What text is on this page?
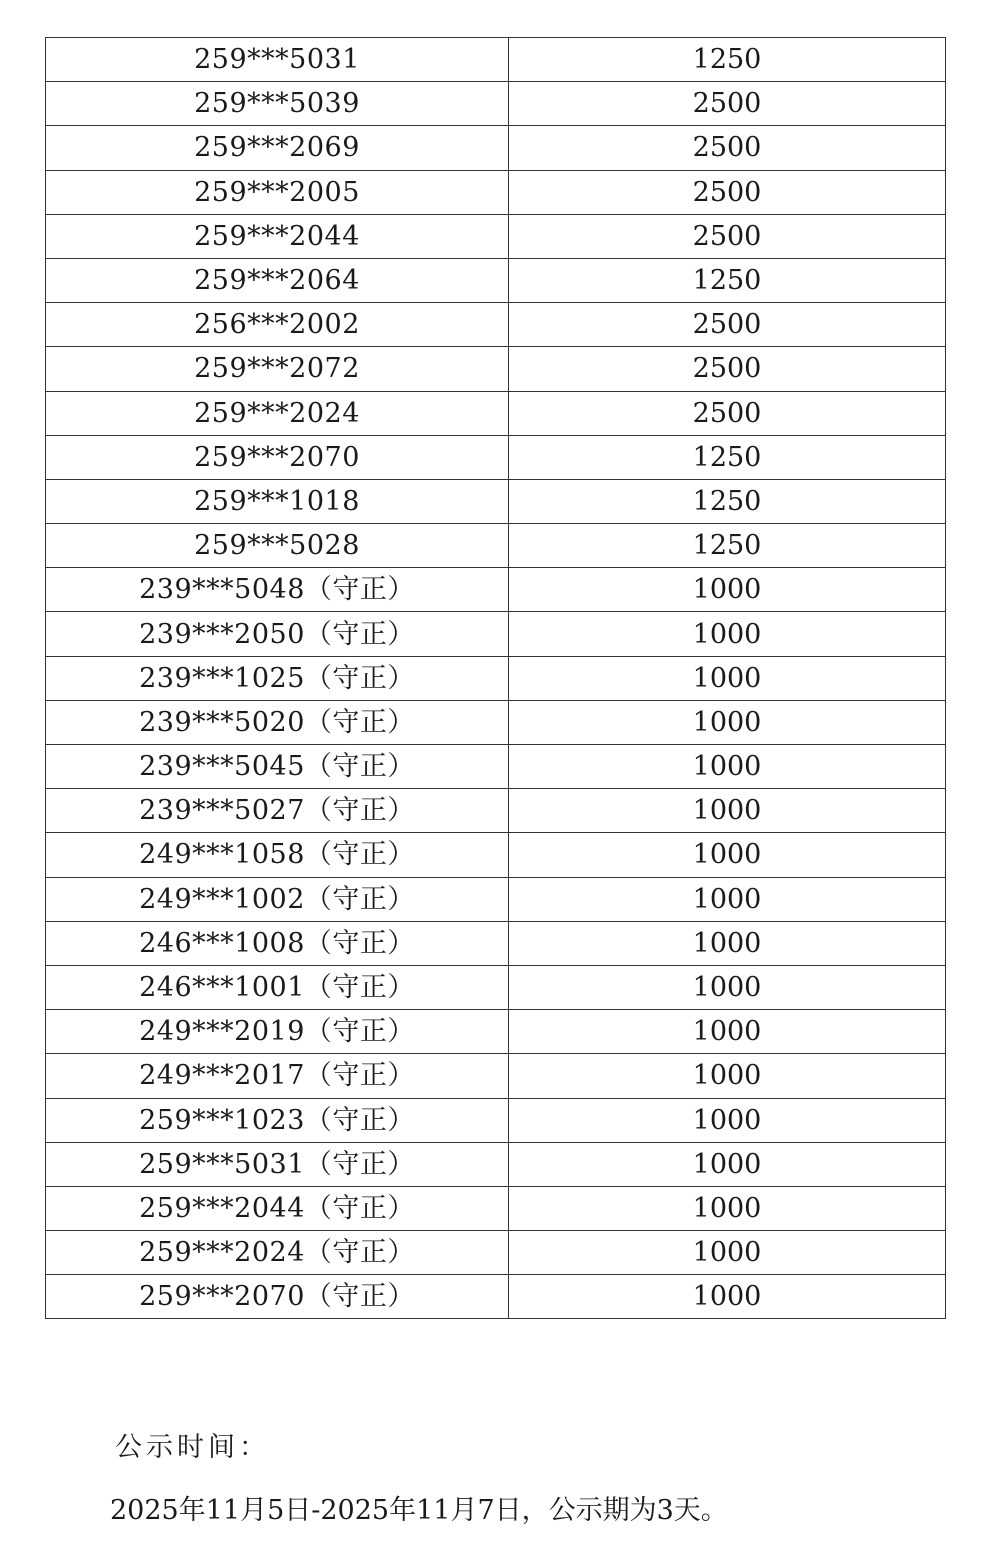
259***5031	1250
259***5039	2500
259***2069	2500
259***2005	2500
259***2044	2500
259***2064	1250
256***2002	2500
259***2072	2500
259***2024	2500
259***2070	1250
259***1018	1250
259***5028	1250
239***5048（守正）	1000
239***2050（守正）	1000
239***1025（守正）	1000
239***5020（守正）	1000
239***5045（守正）	1000
239***5027（守正）	1000
249***1058（守正）	1000
249***1002（守正）	1000
246***1008（守正）	1000
246***1001（守正）	1000
249***2019（守正）	1000
249***2017（守正）	1000
259***1023（守正）	1000
259***5031（守正）	1000
259***2044（守正）	1000
259***2024（守正）	1000
259***2070（守正）	1000
公示时间：
2025年11月5日-2025年11月7日，公示期为3天。
